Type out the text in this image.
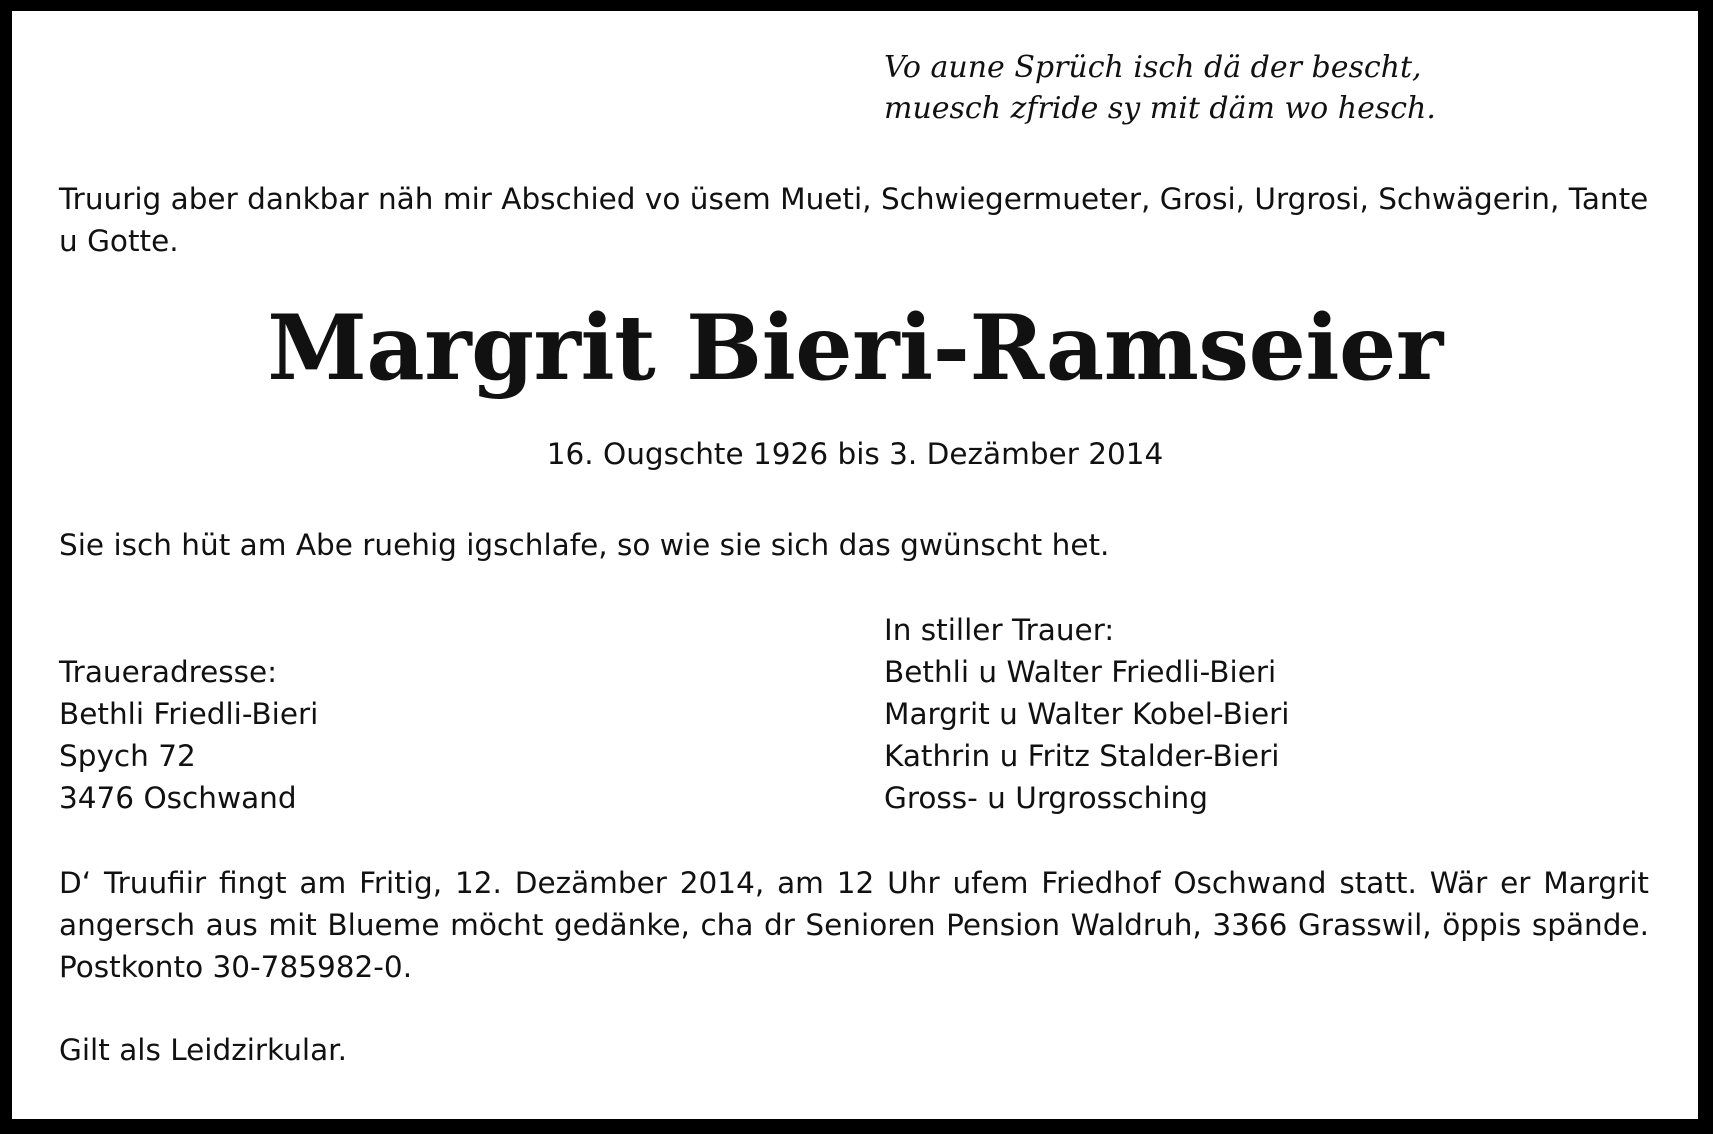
Vo aune Sprüch isch dä der bescht,
muesch zfride sy mit däm wo hesch.

Truurig aber dankbar näh mir Abschied vo üsem Mueti, Schwiegermueter, Grosi, Urgrosi, Schwägerin, Tante u Gotte.

Margrit Bieri-Ramseier

16. Ougschte 1926 bis 3. Dezämber 2014

Sie isch hüt am Abe ruehig igschlafe, so wie sie sich das gwünscht het.

Traueradresse:
Bethli Friedli-Bieri
Spych 72
3476 Oschwand
In stiller Trauer:
Bethli u Walter Friedli-Bieri
Margrit u Walter Kobel-Bieri
Kathrin u Fritz Stalder-Bieri
Gross- u Urgrossching

D‘ Truufiir fingt am Fritig, 12. Dezämber 2014, am 12 Uhr ufem Friedhof Oschwand statt. Wär er Margrit angersch aus mit Blueme möcht gedänke, cha dr Senioren Pension Waldruh, 3366 Grasswil, öppis spände. Postkonto 30-785982-0.

Gilt als Leidzirkular.
